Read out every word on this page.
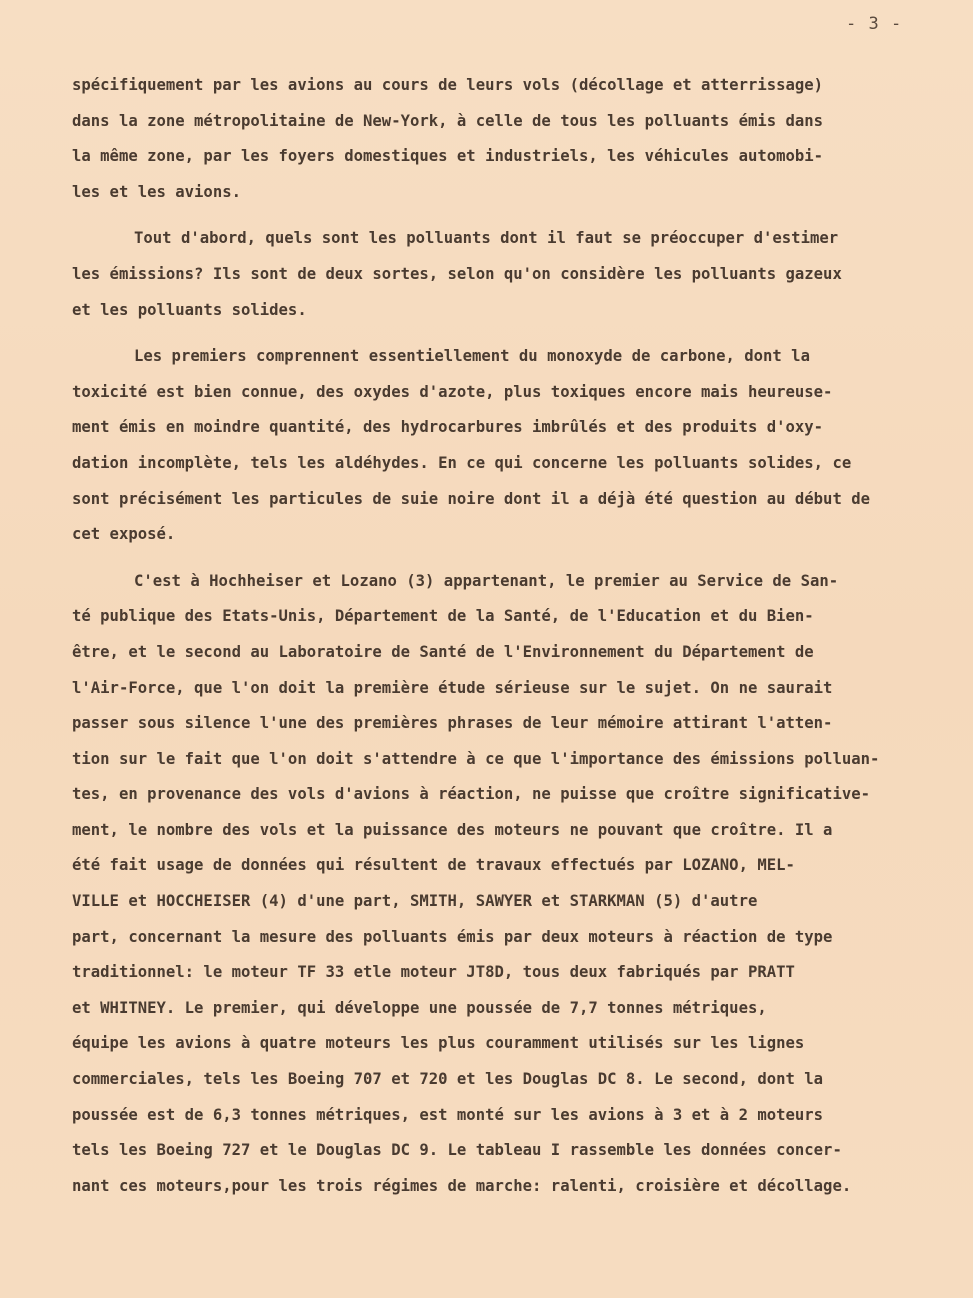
- 3 -
spécifiquement par les avions au cours de leurs vols (décollage et atterrissage)
dans la zone métropolitaine de New-York, à celle de tous les polluants émis dans
la même zone, par les foyers domestiques et industriels, les véhicules automobi-
les et les avions.
Tout d'abord, quels sont les polluants dont il faut se préoccuper d'estimer
les émissions? Ils sont de deux sortes, selon qu'on considère les polluants gazeux
et les polluants solides.
Les premiers comprennent essentiellement du monoxyde de carbone, dont la
toxicité est bien connue, des oxydes d'azote, plus toxiques encore mais heureuse-
ment émis en moindre quantité, des hydrocarbures imbrûlés et des produits d'oxy-
dation incomplète, tels les aldéhydes. En ce qui concerne les polluants solides, ce
sont précisément les particules de suie noire dont il a déjà été question au début de
cet exposé.
C'est à Hochheiser et Lozano (3) appartenant, le premier au Service de San-
té publique des Etats-Unis, Département de la Santé, de l'Education et du Bien-
être, et le second au Laboratoire de Santé de l'Environnement du Département de
l'Air-Force, que l'on doit la première étude sérieuse sur le sujet. On ne saurait
passer sous silence l'une des premières phrases de leur mémoire attirant l'atten-
tion sur le fait que l'on doit s'attendre à ce que l'importance des émissions polluan-
tes, en provenance des vols d'avions à réaction, ne puisse que croître significative-
ment, le nombre des vols et la puissance des moteurs ne pouvant que croître. Il a
été fait usage de données qui résultent de travaux effectués par LOZANO, MEL-
VILLE et HOCCHEISER (4) d'une part, SMITH, SAWYER et STARKMAN (5) d'autre
part, concernant la mesure des polluants émis par deux moteurs à réaction de type
traditionnel: le moteur TF 33 etle moteur JT8D, tous deux fabriqués par PRATT
et WHITNEY. Le premier, qui développe une poussée de 7,7 tonnes métriques,
équipe les avions à quatre moteurs les plus couramment utilisés sur les lignes
commerciales, tels les Boeing 707 et 720 et les Douglas DC 8. Le second, dont la
poussée est de 6,3 tonnes métriques, est monté sur les avions à 3 et à 2 moteurs
tels les Boeing 727 et le Douglas DC 9. Le tableau I rassemble les données concer-
nant ces moteurs,pour les trois régimes de marche: ralenti, croisière et décollage.
